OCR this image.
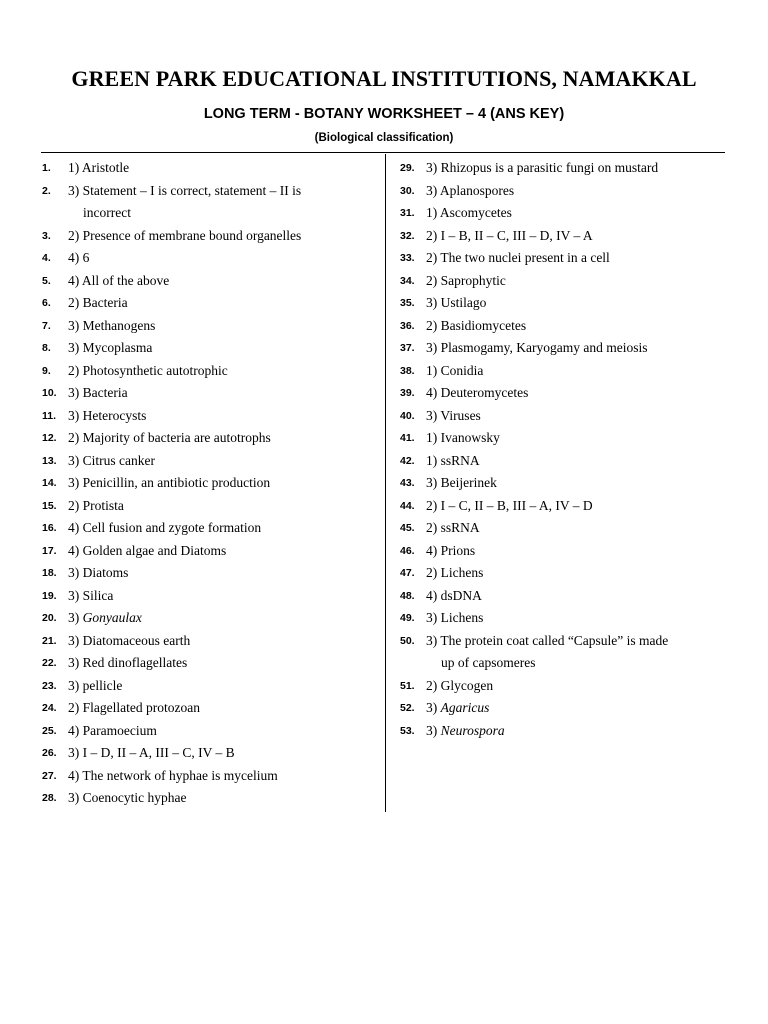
GREEN PARK EDUCATIONAL INSTITUTIONS, NAMAKKAL
LONG TERM - BOTANY WORKSHEET – 4 (ANS KEY)
(Biological classification)
1.	1) Aristotle
2.	3) Statement – I is correct, statement – II is
incorrect
3.	2) Presence of membrane bound organelles
4.	4) 6
5.	4) All of the above
6.	2) Bacteria
7.	3) Methanogens
8.	3) Mycoplasma
9.	2) Photosynthetic autotrophic
10. 3) Bacteria
11. 3) Heterocysts
12. 2) Majority of bacteria are autotrophs
13. 3) Citrus canker
14. 3) Penicillin, an antibiotic production
15. 2) Protista
16. 4) Cell fusion and zygote formation
17. 4) Golden algae and Diatoms
18. 3) Diatoms
19. 3) Silica
20. 3) Gonyaulax
21. 3) Diatomaceous earth
22. 3) Red dinoflagellates
23. 3) pellicle
24. 2) Flagellated protozoan
25. 4) Paramoecium
26. 3) I – D, II – A, III – C, IV – B
27. 4) The network of hyphae is mycelium
28. 3) Coenocytic hyphae
29. 3) Rhizopus is a parasitic fungi on mustard
30. 3) Aplanospores
31. 1) Ascomycetes
32. 2) I – B, II – C, III – D, IV – A
33. 2) The two nuclei present in a cell
34. 2) Saprophytic
35. 3) Ustilago
36. 2) Basidiomycetes
37. 3) Plasmogamy, Karyogamy and meiosis
38. 1) Conidia
39. 4) Deuteromycetes
40. 3) Viruses
41. 1) Ivanowsky
42. 1) ssRNA
43. 3) Beijerinek
44. 2) I – C, II – B, III – A, IV – D
45. 2) ssRNA
46. 4) Prions
47. 2) Lichens
48. 4) dsDNA
49. 3) Lichens
50. 3) The protein coat called “Capsule” is made
up of capsomeres
51. 2) Glycogen
52. 3) Agaricus
53. 3) Neurospora
